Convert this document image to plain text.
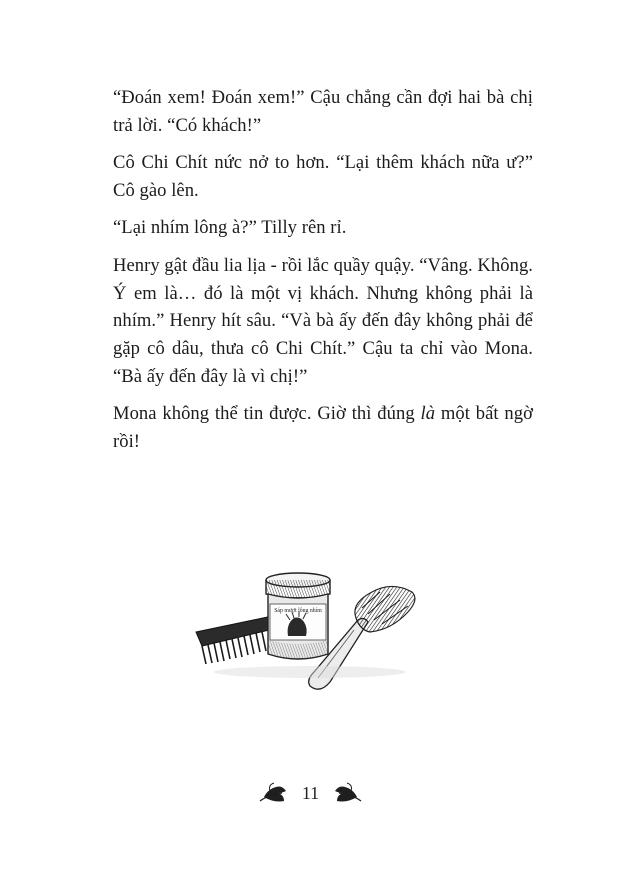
“Đoán xem! Đoán xem!” Cậu chẳng cần đợi hai bà chị trả lời. “Có khách!”

Cô Chi Chít nức nở to hơn. “Lại thêm khách nữa ư?” Cô gào lên.

“Lại nhím lông à?” Tilly rên rỉ.

Henry gật đầu lia lịa - rồi lắc quầy quậy. “Vâng. Không. Ý em là… đó là một vị khách. Nhưng không phải là nhím.” Henry hít sâu. “Và bà ấy đến đây không phải để gặp cô dâu, thưa cô Chi Chít.” Cậu ta chỉ vào Mona. “Bà ấy đến đây là vì chị!”

Mona không thể tin được. Giờ thì đúng là một bất ngờ rồi!

Sáp mượt lông nhím
11
